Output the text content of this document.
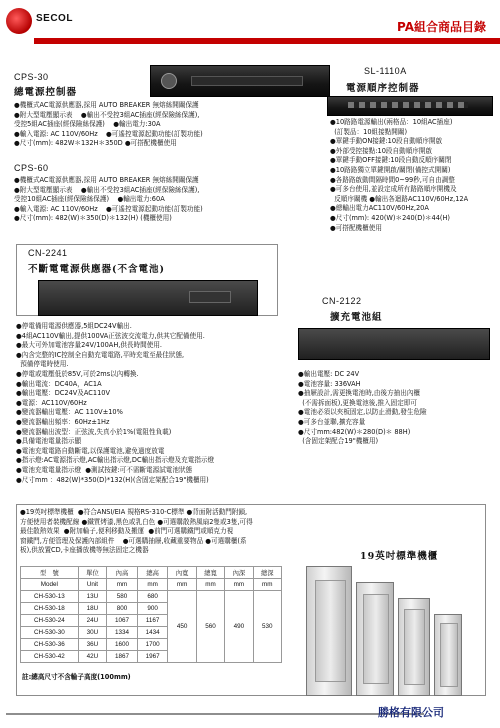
SECOL
PA組合商品目錄
CPS-30
總電源控制器
●機櫃式AC電源供應器,採用 AUTO BREAKER 無熔絲開關保護
●附大型電壓顯示表    ●輸出不受控3組AC插座(經保險絲保護),
受控5組AC插座(經保險絲保護)    ●輸出電力:30A
●輸入電源: AC 110V/60Hz    ●可遙控電源起動功能(訂製功能)
●尺寸(mm): 482W＊132H＊350D ●可搭配機櫃使用
CPS-60
●機櫃式AC電源供應器,採用 AUTO BREAKER 無熔絲開關保護
●附大型電壓顯示表    ●輸出不受控3組AC插座(經保險絲保護),
受控10組AC插座(經保險絲保護)    ●輸出電力:60A
●輸入電源: AC 110V/60Hz    ●可遙控電源起動功能(訂製功能)
●尺寸(mm): 482(W)＊350(D)＊132(H) (機櫃使用)
SL-1110A
電源順序控制器
●10路路電源輸出(兩格品：10組AC插座)
(訂製品：10組接點開關)
●單鍵手動ON接鍵:10段自動順序開啟
●外部受控接點:10段自動順序開啟
●單鍵手動OFF接鍵:10段自動反順序關閉
●10路路獨立單鍵開啟/關閉(備控式開關)
●各路路啟動間隔時間0~99秒,可自由調整
●可多台使用,並設定成所有路路順序開機及
反順序關機 ●輸出各迴路AC110V/60Hz,12A
●總輸出電力AC110V/60Hz,20A
●尺寸(mm): 420(W)＊240(D)＊44(H)
●可搭配機櫃使用
CN-2241
不斷電電源供應器(不含電池)
●停電備用電源供應器,5組DC24V輸出.
●4組AC110V輸出,提供100VA正弦波交流電力,供其它配備使用.
●最大可外加電池容量24V/100AH,供長時間使用.
●內含完整的IC控制全自動充電電路,平時充電至最佳狀態,
預備停電時使用.
●停電或電壓低於85V,可於2ms以內轉換.
●輸出電流：DC40A，AC1A
●輸出電壓：DC24V及AC110V
●電源：AC110V/60Hz
●變流器輸出電壓：AC 110V±10%
●變流器輸出頻率：60Hz±1Hz
●變流器輸出波型：正弦波,失真小於1%(電阻性負載)
●具備電池電量指示顯
●電池充電電路自動斷電,以保護電池,避免過度放電
●指示燈:AC電源指示燈,AC輸出指示燈,DC輸出指示燈及充電指示燈
●電池充電電量指示燈  ●測試按鍵:可不需斷電源試電池狀態
●尺寸mm ：482(W)*350(D)*132(H)(含固定架配合19"機櫃用)
CN-2122
擴充電池組
●輸出電壓: DC 24V
●電池容量: 336VAH
●抽屜設計,需更換電池時,由後方抽出內櫃
(不需拆面板),更換電池後,推入固定即可
●電池必須以夾板固定,以防止滑動,發生危險
●可多台並聯,擴充容量
●尺寸mm:482(W)＊280(D)＊ 88H)
(含固定架配合19"機櫃用)
●19英吋標準機櫃  ●符合ANSI/EIA 規格RS-310-C標準 ●背面附活動門附鎖,
方便使用者裝機配線 ●鐵質烤漆,黑色或乳白色 ●可選購散熱風扇2隻或3隻,可得
最佳散熱效果  ●附加輪子,便利移動及搬運  ●前門可選購鐵門或順克力視
窗鐵門,方便管理及保護內部組件    ●可選購抽屜,收藏重要物品 ●可選購櫃(系
板),供放置CD,卡座播放機等無法固定之機器
19英吋標準機櫃
型　號	單位	內高	總高	內寬	總寬	內深	總深
Model	Unit	mm	mm	mm	mm	mm	mm
CH-530-13	13U	580	680	450	560	490	530
CH-530-18	18U	800	900				
CH-530-24	24U	1067	1167				
CH-530-30	30U	1334	1434				
CH-530-36	36U	1600	1700				
CH-530-42	42U	1867	1967				
註:總高尺寸不含輪子高度(100mm)
勝格有限公司
